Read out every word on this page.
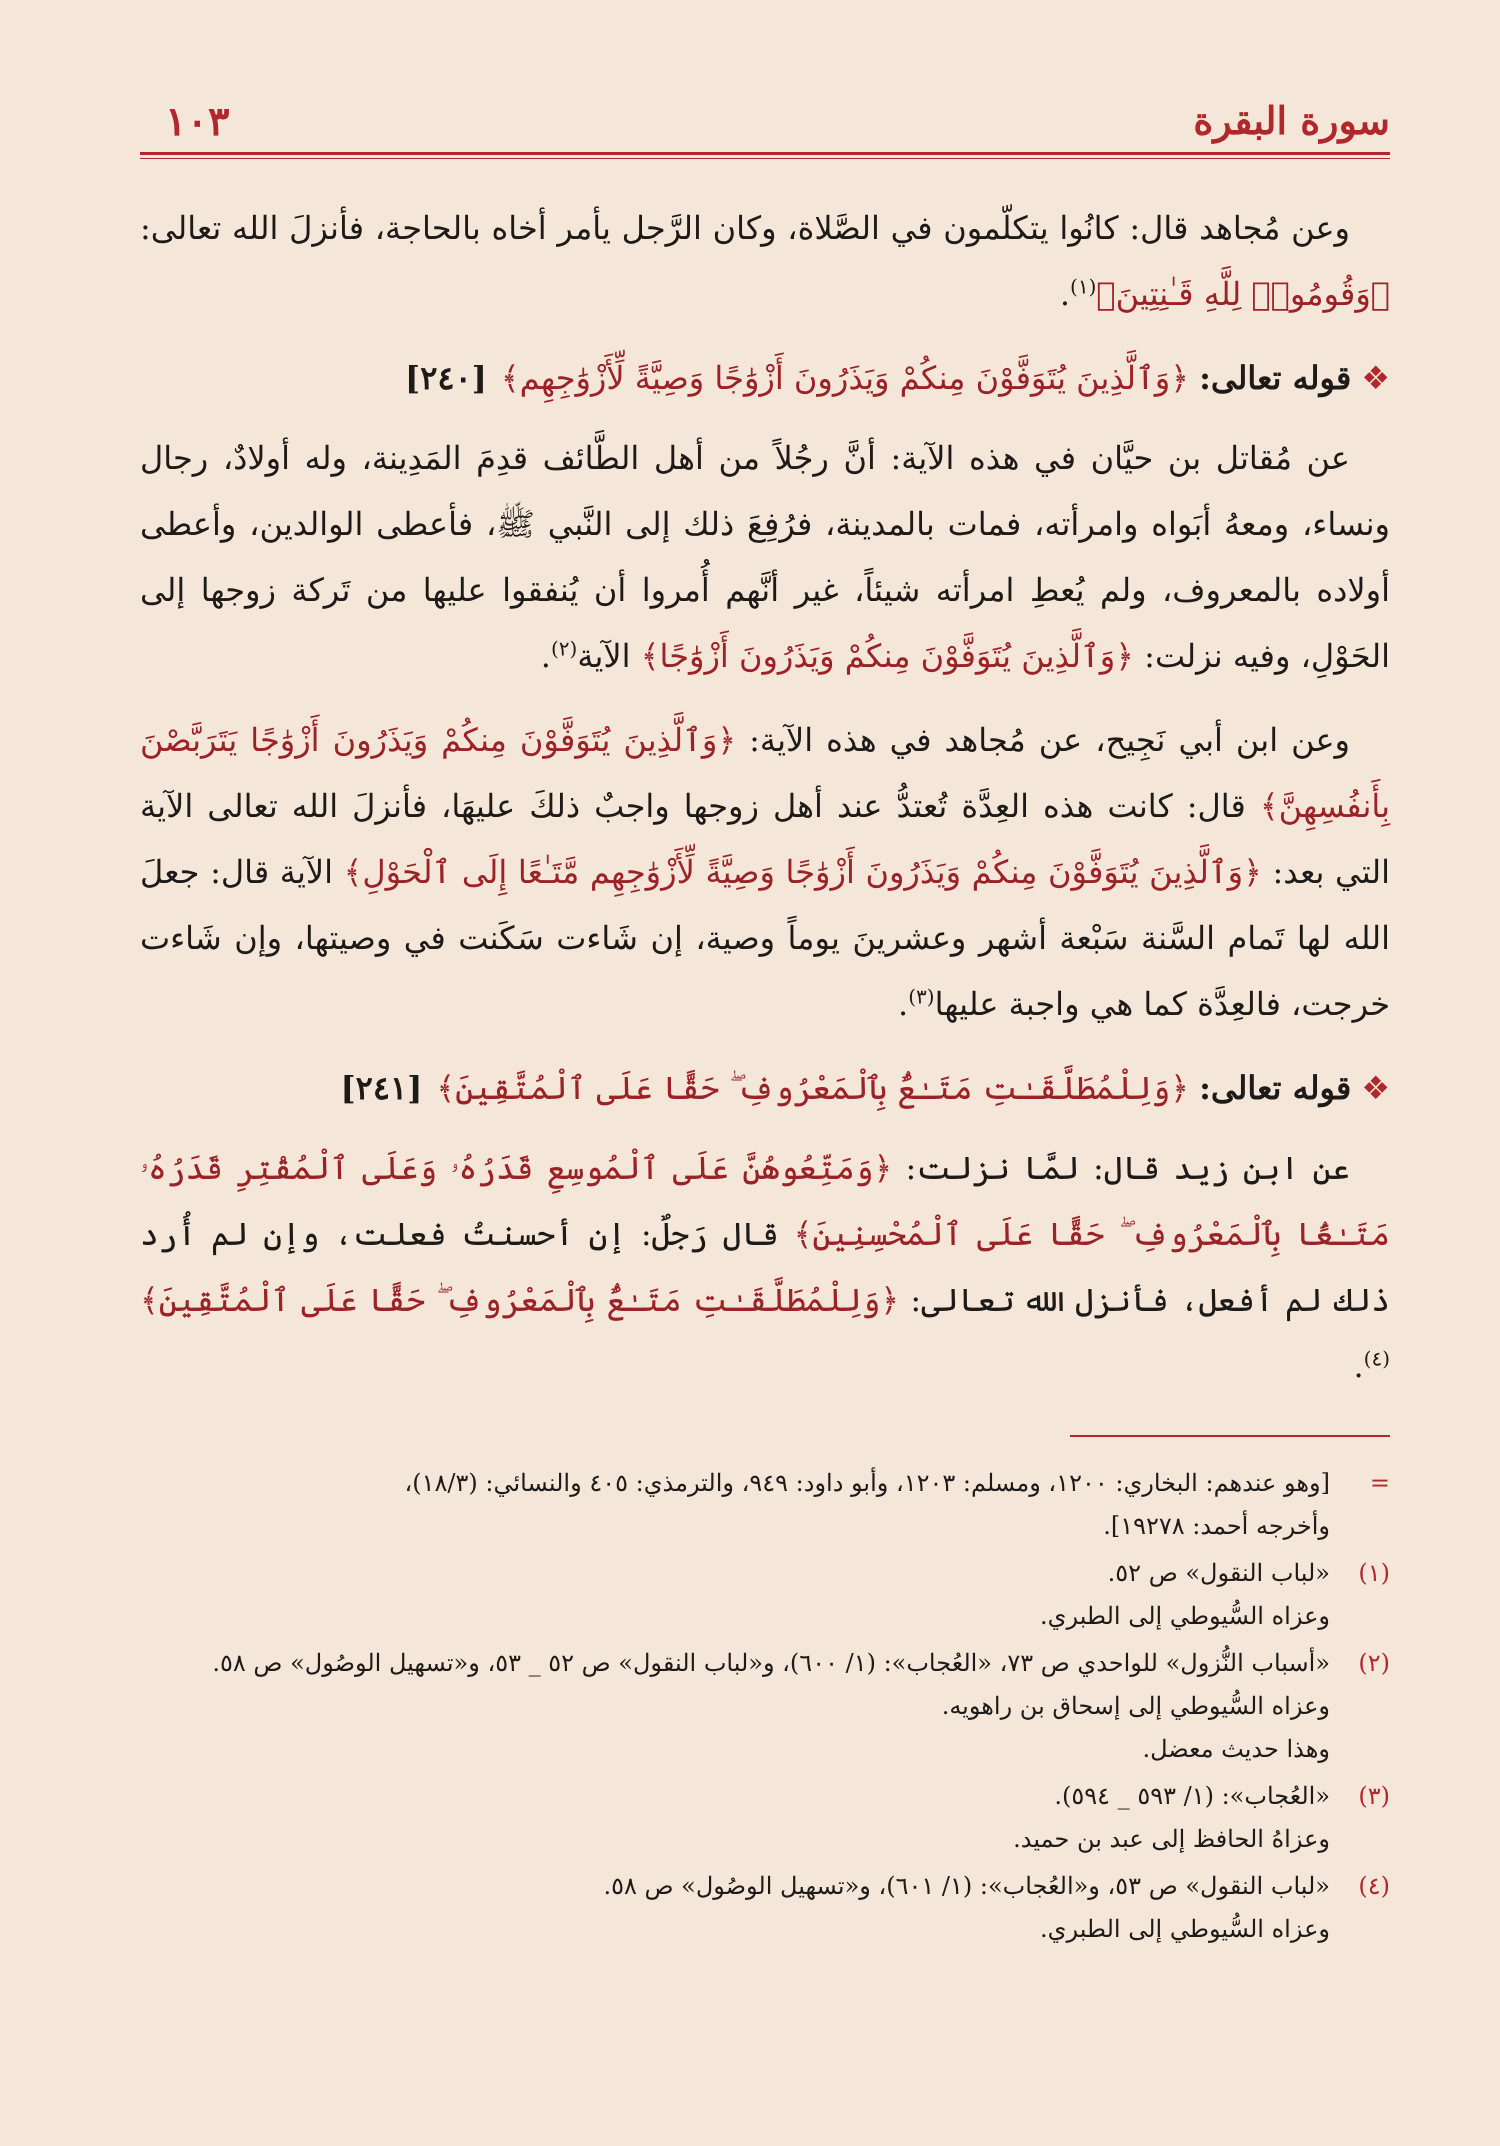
سورة البقرة
١٠٣

وعن مُجاهد قال: كانُوا يتكلّمون في الصَّلاة، وكان الرَّجل يأمر أخاه بالحاجة، فأنزلَ الله تعالى: ﴿وَقُومُوا۟ لِلَّهِ قَـٰنِتِينَ﴾$^{(١)}$.

❖قوله تعالى: ﴿وَٱلَّذِينَ يُتَوَفَّوْنَ مِنكُمْ وَيَذَرُونَ أَزْوَٰجًا وَصِيَّةً لِّأَزْوَٰجِهِم﴾[٢٤٠]

عن مُقاتل بن حيَّان في هذه الآية: أنَّ رجُلاً من أهل الطَّائف قدِمَ المَدِينة، وله أولادٌ، رجال ونساء، ومعهُ أبَواه وامرأته، فمات بالمدينة، فرُفِعَ ذلك إلى النَّبي ﷺ، فأعطى الوالدين، وأعطى أولاده بالمعروف، ولم يُعطِ امرأته شيئاً، غير أنَّهم أُمروا أن يُنفقوا عليها من تَركة زوجها إلى الحَوْلِ، وفيه نزلت: ﴿وَٱلَّذِينَ يُتَوَفَّوْنَ مِنكُمْ وَيَذَرُونَ أَزْوَٰجًا﴾ الآية$^{(٢)}$.

وعن ابن أبي نَجِيح، عن مُجاهد في هذه الآية: ﴿وَٱلَّذِينَ يُتَوَفَّوْنَ مِنكُمْ وَيَذَرُونَ أَزْوَٰجًا يَتَرَبَّصْنَ بِأَنفُسِهِنَّ﴾ قال: كانت هذه العِدَّة تُعتدُّ عند أهل زوجها واجبٌ ذلكَ عليهَا، فأنزلَ الله تعالى الآية التي بعد: ﴿وَٱلَّذِينَ يُتَوَفَّوْنَ مِنكُمْ وَيَذَرُونَ أَزْوَٰجًا وَصِيَّةً لِّأَزْوَٰجِهِم مَّتَـٰعًا إِلَى ٱلْحَوْلِ﴾ الآية قال: جعلَ الله لها تَمام السَّنة سَبْعة أشهر وعشرينَ يوماً وصية، إن شَاءت سَكَنت في وصيتها، وإن شَاءت خرجت، فالعِدَّة كما هي واجبة عليها$^{(٣)}$.

❖قوله تعالى: ﴿وَلِلْمُطَلَّقَـٰتِ مَتَـٰعٌۢ بِٱلْمَعْرُوفِ ۖ حَقًّا عَلَى ٱلْمُتَّقِينَ﴾[٢٤١]

عن ابن زيد قال: لمَّا نزلت: ﴿وَمَتِّعُوهُنَّ عَلَى ٱلْمُوسِعِ قَدَرُهُۥ وَعَلَى ٱلْمُقْتِرِ قَدَرُهُۥ مَتَـٰعًۢا بِٱلْمَعْرُوفِ ۖ حَقًّا عَلَى ٱلْمُحْسِنِينَ﴾ قال رَجلٌ: إن أحسنتُ فعلت، وإن لم أُرد ذلك لم أفعل، فأنزل الله تعالى: ﴿وَلِلْمُطَلَّقَـٰتِ مَتَـٰعٌۢ بِٱلْمَعْرُوفِ ۖ حَقًّا عَلَى ٱلْمُتَّقِينَ﴾$^{(٤)}$.

=
[وهو عندهم: البخاري: ١٢٠٠، ومسلم: ١٢٠٣، وأبو داود: ٩٤٩، والترمذي: ٤٠٥ والنسائي: (١٨/٣)،
وأخرجه أحمد: ١٩٢٧٨].
(١)
«لباب النقول» ص ٥٢.
وعزاه السُّيوطي إلى الطبري.
(٢)
«أسباب النُّزول» للواحدي ص ٧٣، «العُجاب»: (١/ ٦٠٠)، و«لباب النقول» ص ٥٢ _ ٥٣، و«تسهيل الوصُول» ص ٥٨.
وعزاه السُّيوطي إلى إسحاق بن راهويه.
وهذا حديث معضل.
(٣)
«العُجاب»: (١/ ٥٩٣ _ ٥٩٤).
وعزاهُ الحافظ إلى عبد بن حميد.
(٤)
«لباب النقول» ص ٥٣، و«العُجاب»: (١/ ٦٠١)، و«تسهيل الوصُول» ص ٥٨.
وعزاه السُّيوطي إلى الطبري.
